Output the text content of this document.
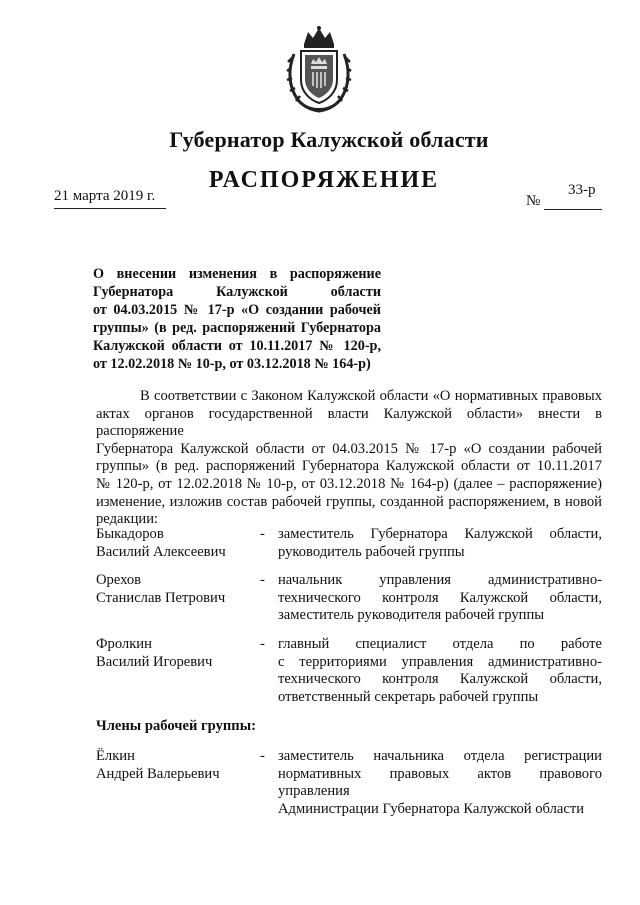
Губернатор Калужской области
РАСПОРЯЖЕНИЕ
21 марта 2019 г.	№
33-р
О внесении изменения в распоряжение
Губернатора Калужской области
от 04.03.2015 № 17-р «О создании рабочей
группы» (в ред. распоряжений Губернатора
Калужской области от 10.11.2017 № 120-р,
от 12.02.2018 № 10-р, от 03.12.2018 № 164-р)
В соответствии с Законом Калужской области «О нормативных правовых
актах органов государственной власти Калужской области» внести в распоряжение
Губернатора Калужской области от 04.03.2015 № 17-р «О создании рабочей
группы» (в ред. распоряжений Губернатора Калужской области от 10.11.2017
№ 120-р, от 12.02.2018 № 10-р, от 03.12.2018 № 164-р) (далее – распоряжение)
изменение, изложив состав рабочей группы, созданной распоряжением, в новой
редакции:
Быкадоров
Василий Алексеевич
- заместитель Губернатора Калужской области,
руководитель рабочей группы
Орехов
Станислав Петрович
- начальник управления административно-
технического контроля Калужской области,
заместитель руководителя рабочей группы
Фролкин
Василий Игоревич
- главный специалист отдела по работе
с территориями управления административно-
технического контроля Калужской области,
ответственный секретарь рабочей группы
Члены рабочей группы:
Ёлкин
Андрей Валерьевич
- заместитель начальника отдела регистрации
нормативных правовых актов правового управления
Администрации Губернатора Калужской области
